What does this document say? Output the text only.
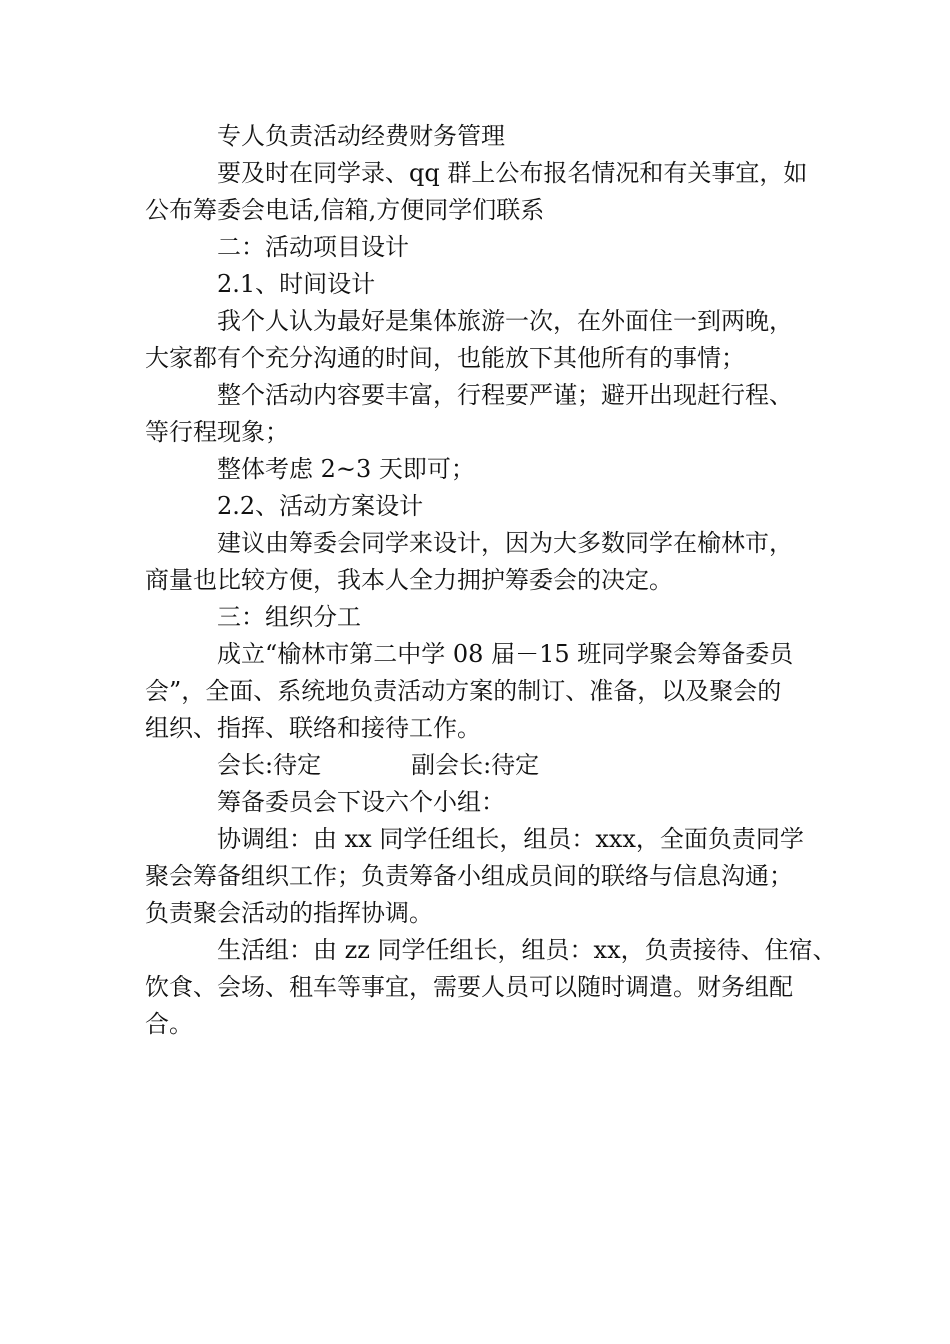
专人负责活动经费财务管理
要及时在同学录、qq 群上公布报名情况和有关事宜，如
公布筹委会电话,信箱,方便同学们联系
二：活动项目设计
2.1、时间设计
我个人认为最好是集体旅游一次，在外面住一到两晚，
大家都有个充分沟通的时间，也能放下其他所有的事情；
整个活动内容要丰富，行程要严谨；避开出现赶行程、
等行程现象；
整体考虑 2~3 天即可；
2.2、活动方案设计
建议由筹委会同学来设计，因为大多数同学在榆林市，
商量也比较方便，我本人全力拥护筹委会的决定。
三：组织分工
成立“榆林市第二中学 08 届－15 班同学聚会筹备委员
会”，全面、系统地负责活动方案的制订、准备，以及聚会的
组织、指挥、联络和接待工作。
会长:待定	副会长:待定
筹备委员会下设六个小组：
协调组：由 xx 同学任组长，组员：xxx，全面负责同学
聚会筹备组织工作；负责筹备小组成员间的联络与信息沟通；
负责聚会活动的指挥协调。
生活组：由 zz 同学任组长，组员：xx，负责接待、住宿、
饮食、会场、租车等事宜，需要人员可以随时调遣。财务组配
合。
